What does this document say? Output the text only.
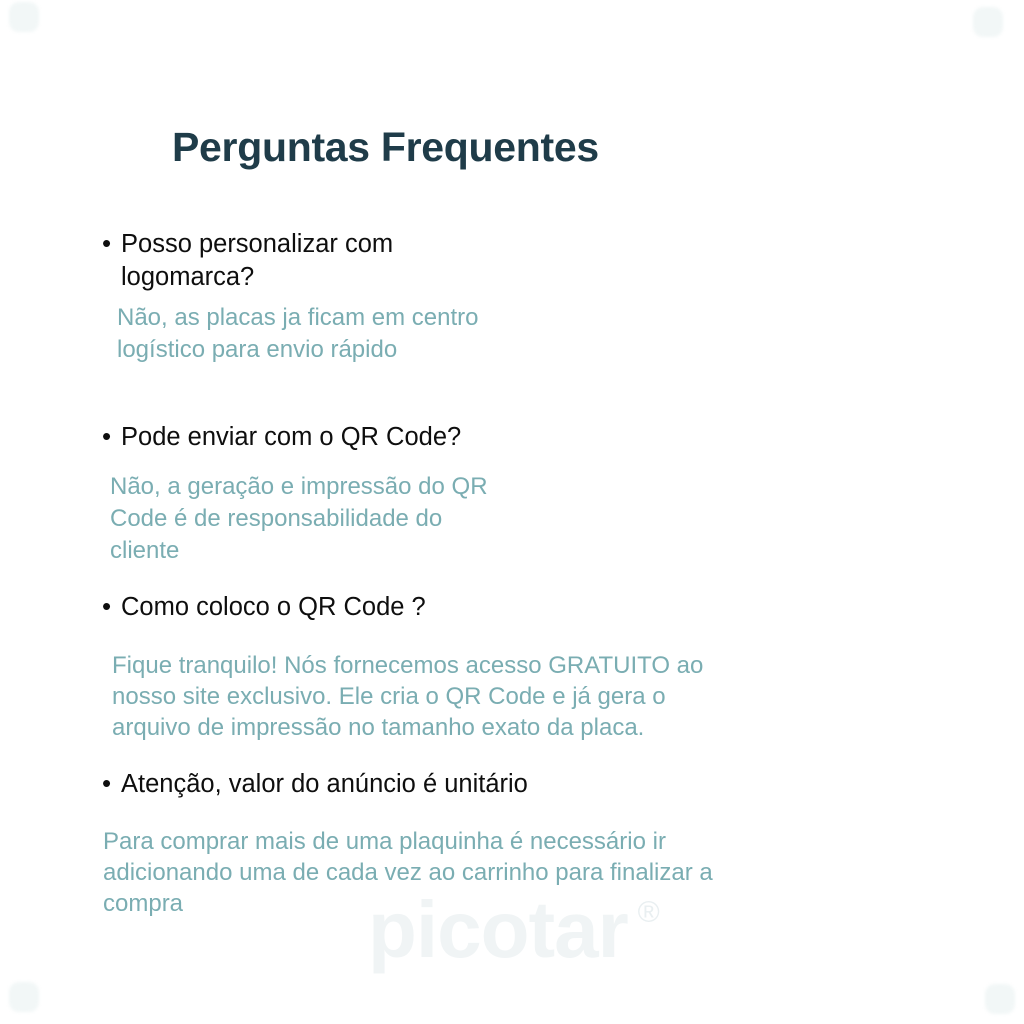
Perguntas Frequentes
• Posso personalizar com
logomarca?
Não, as placas ja ficam em centro
logístico para envio rápido
• Pode enviar com o QR Code?
Não, a geração e impressão do QR
Code é de responsabilidade do
cliente
• Como coloco o QR Code ?
Fique tranquilo! Nós fornecemos acesso GRATUITO ao
nosso site exclusivo. Ele cria o QR Code e já gera o
arquivo de impressão no tamanho exato da placa.
• Atenção, valor do anúncio é unitário
Para comprar mais de uma plaquinha é necessário ir
adicionando uma de cada vez ao carrinho para finalizar a
compra	picotar ®
